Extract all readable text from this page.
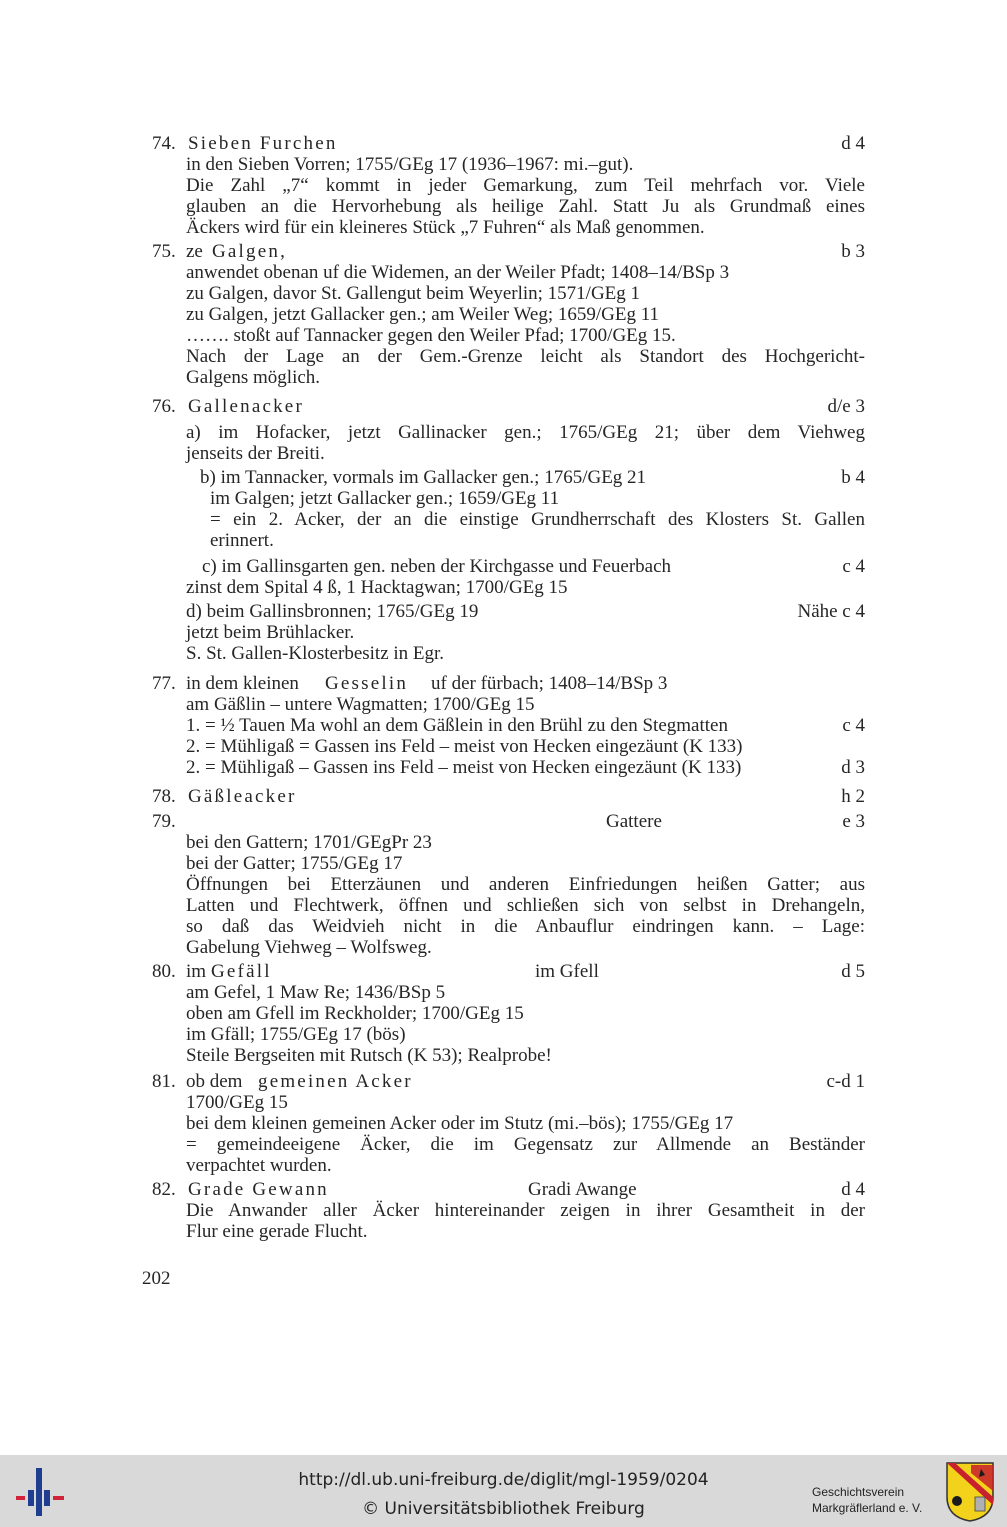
74. Sieben Furchen	d 4
in den Sieben Vorren; 1755/GEg 17 (1936–1967: mi.–gut).
Die Zahl „7“ kommt in jeder Gemarkung, zum Teil mehrfach vor. Viele
glauben an die Hervorhebung als heilige Zahl. Statt Ju als Grundmaß eines
Äckers wird für ein kleineres Stück „7 Fuhren“ als Maß genommen.
75. ze Galgen,	b 3
anwendet obenan uf die Widemen, an der Weiler Pfadt; 1408–14/BSp 3
zu Galgen, davor St. Gallengut beim Weyerlin; 1571/GEg 1
zu Galgen, jetzt Gallacker gen.; am Weiler Weg; 1659/GEg 11
……. stoßt auf Tannacker gegen den Weiler Pfad; 1700/GEg 15.
Nach der Lage an der Gem.-Grenze leicht als Standort des Hochgericht-
Galgens möglich.
76. Gallenacker	d/e 3
a) im Hofacker, jetzt Gallinacker gen.; 1765/GEg 21; über dem Viehweg
jenseits der Breiti.
b) im Tannacker, vormals im Gallacker gen.; 1765/GEg 21	b 4
im Galgen; jetzt Gallacker gen.; 1659/GEg 11
= ein 2. Acker, der an die einstige Grundherrschaft des Klosters St. Gallen
erinnert.
c) im Gallinsgarten gen. neben der Kirchgasse und Feuerbach	c 4
zinst dem Spital 4 ß, 1 Hacktagwan; 1700/GEg 15
d) beim Gallinsbronnen; 1765/GEg 19	Nähe c 4
jetzt beim Brühlacker.
S. St. Gallen-Klosterbesitz in Egr.
77. in dem kleinen Gesselin uf der fürbach; 1408–14/BSp 3
am Gäßlin – untere Wagmatten; 1700/GEg 15
1. = ½ Tauen Ma wohl an dem Gäßlein in den Brühl zu den Stegmatten	c 4
2. = Mühligaß = Gassen ins Feld – meist von Hecken eingezäunt (K 133)
2. = Mühligaß – Gassen ins Feld – meist von Hecken eingezäunt (K 133)	d 3
78. Gäßleacker	h 2
79.	Gattere	e 3
bei den Gattern; 1701/GEgPr 23
bei der Gatter; 1755/GEg 17
Öffnungen bei Etterzäunen und anderen Einfriedungen heißen Gatter; aus
Latten und Flechtwerk, öffnen und schließen sich von selbst in Drehangeln,
so daß das Weidvieh nicht in die Anbauflur eindringen kann. – Lage:
Gabelung Viehweg – Wolfsweg.
80. im Gefäll	im Gfell	d 5
am Gefel, 1 Maw Re; 1436/BSp 5
oben am Gfell im Reckholder; 1700/GEg 15
im Gfäll; 1755/GEg 17 (bös)
Steile Bergseiten mit Rutsch (K 53); Realprobe!
81. ob dem gemeinen Acker	c-d 1
1700/GEg 15
bei dem kleinen gemeinen Acker oder im Stutz (mi.–bös); 1755/GEg 17
= gemeindeeigene Äcker, die im Gegensatz zur Allmende an Beständer
verpachtet wurden.
82. Grade Gewann	Gradi Awange	d 4
Die Anwander aller Äcker hintereinander zeigen in ihrer Gesamtheit in der
Flur eine gerade Flucht.
202
http://dl.ub.uni-freiburg.de/diglit/mgl-1959/0204
© Universitätsbibliothek Freiburg
Geschichtsverein
Markgräflerland e. V.
